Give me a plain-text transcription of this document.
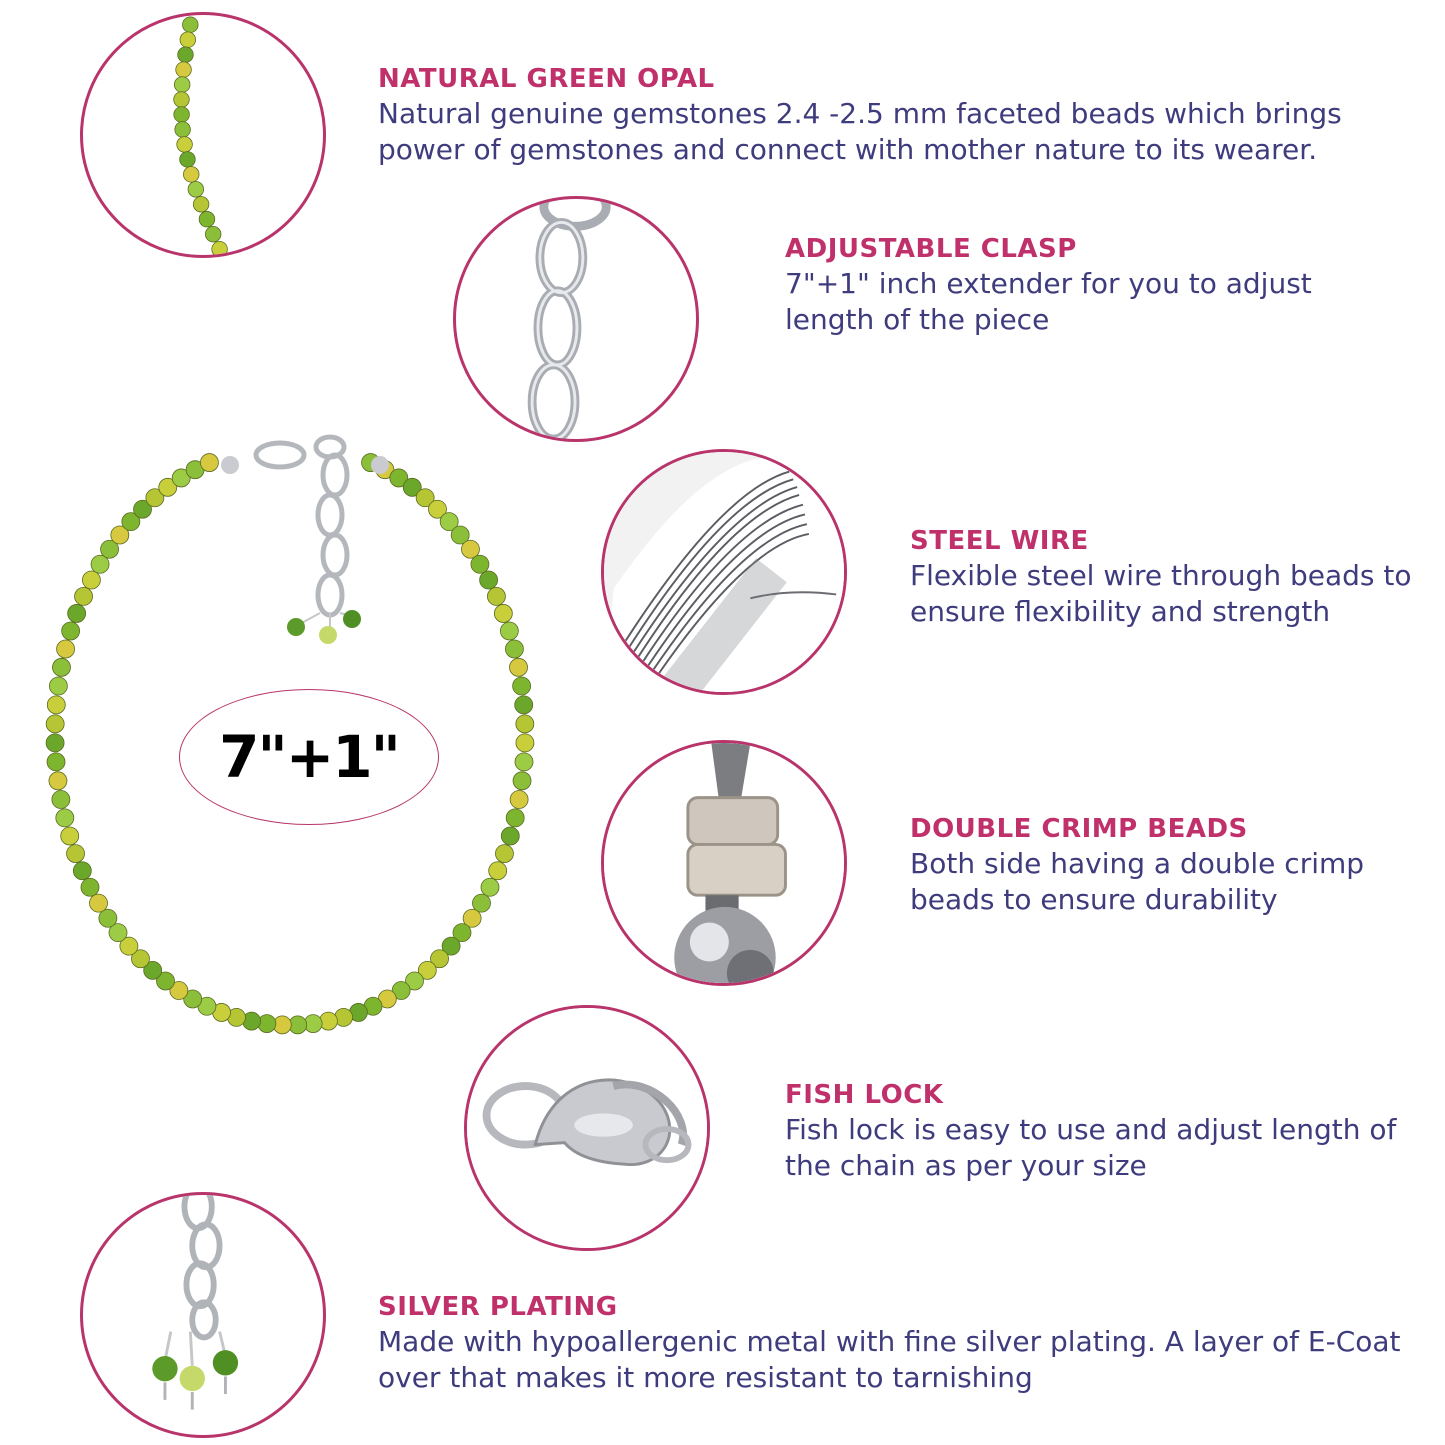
NATURAL GREEN OPAL

Natural genuine gemstones 2.4 -2.5 mm faceted beads which brings power of gemstones and connect with mother nature to its wearer.

ADJUSTABLE CLASP

7"+1" inch extender for you to adjust length of the piece

STEEL WIRE

Flexible steel wire through beads to ensure flexibility and strength

DOUBLE CRIMP BEADS

Both side having a double crimp beads to ensure durability

FISH LOCK

Fish lock is easy to use and adjust length of the chain as per your size

SILVER PLATING

Made with hypoallergenic metal with fine silver plating. A layer of E-Coat over that makes it more resistant to tarnishing

7"+1"
